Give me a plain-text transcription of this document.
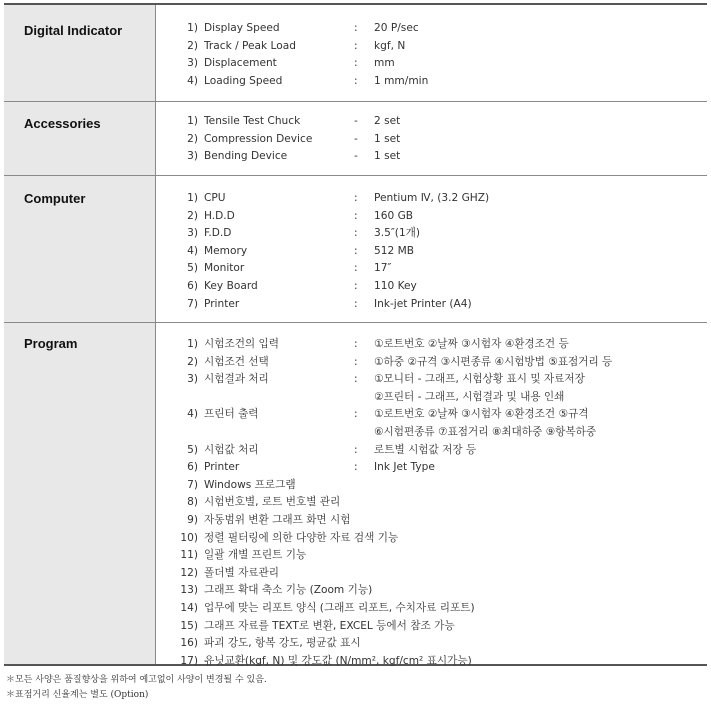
Digital Indicator	1) Display Speed	:	20 P/sec
2) Track / Peak Load	:	kgf, N
3) Displacement	:	mm
4) Loading Speed	:	1 mm/min
Accessories	1) Tensile Test Chuck	-	2 set
2) Compression Device	-	1 set
3) Bending Device	-	1 set
Computer	1) CPU	:	Pentium Ⅳ, (3.2 GHZ)
2) H.D.D	:	160 GB
3) F.D.D	:	3.5″(1개)
4) Memory	:	512 MB
5) Monitor	:	17″
6) Key Board	:	110 Key
7) Printer	:	Ink-jet Printer (A4)
Program	1) 시험조건의 입력	:	①로트번호 ②날짜 ③시험자 ④환경조건 등
2) 시험조건 선택	:	①하중 ②규격 ③시편종류 ④시험방법 ⑤표점거리 등
3) 시험결과 처리	:	①모니터 - 그래프, 시험상황 표시 및 자료저장
②프린터 - 그래프, 시험결과 및 내용 인쇄
4) 프린터 출력	:	①로트번호 ②날짜 ③시험자 ④환경조건 ⑤규격
⑥시험편종류 ⑦표점거리 ⑧최대하중 ⑨항복하중
5) 시험값 처리	:	로트별 시험값 저장 등
6) Printer	:	Ink Jet Type
7) Windows 프로그램
8) 시험번호별, 로트 번호별 관리
9) 자동범위 변환 그래프 화면 시험
10) 정렬 필터링에 의한 다양한 자료 검색 기능
11) 일괄 개별 프린트 기능
12) 폴더별 자료관리
13) 그래프 확대 축소 기능 (Zoom 기능)
14) 업무에 맞는 리포트 양식 (그래프 리포트, 수치자료 리포트)
15) 그래프 자료를 TEXT로 변환, EXCEL 등에서 참조 가능
16) 파괴 강도, 항복 강도, 평균값 표시
17) 유닛교환(kgf, N) 및 강도값 (N/mm², kgf/cm² 표시가능)
＊모든 사양은 품질향상을 위하여 예고없이 사양이 변경될 수 있음.
＊표점거리 신율계는 별도 (Option)
